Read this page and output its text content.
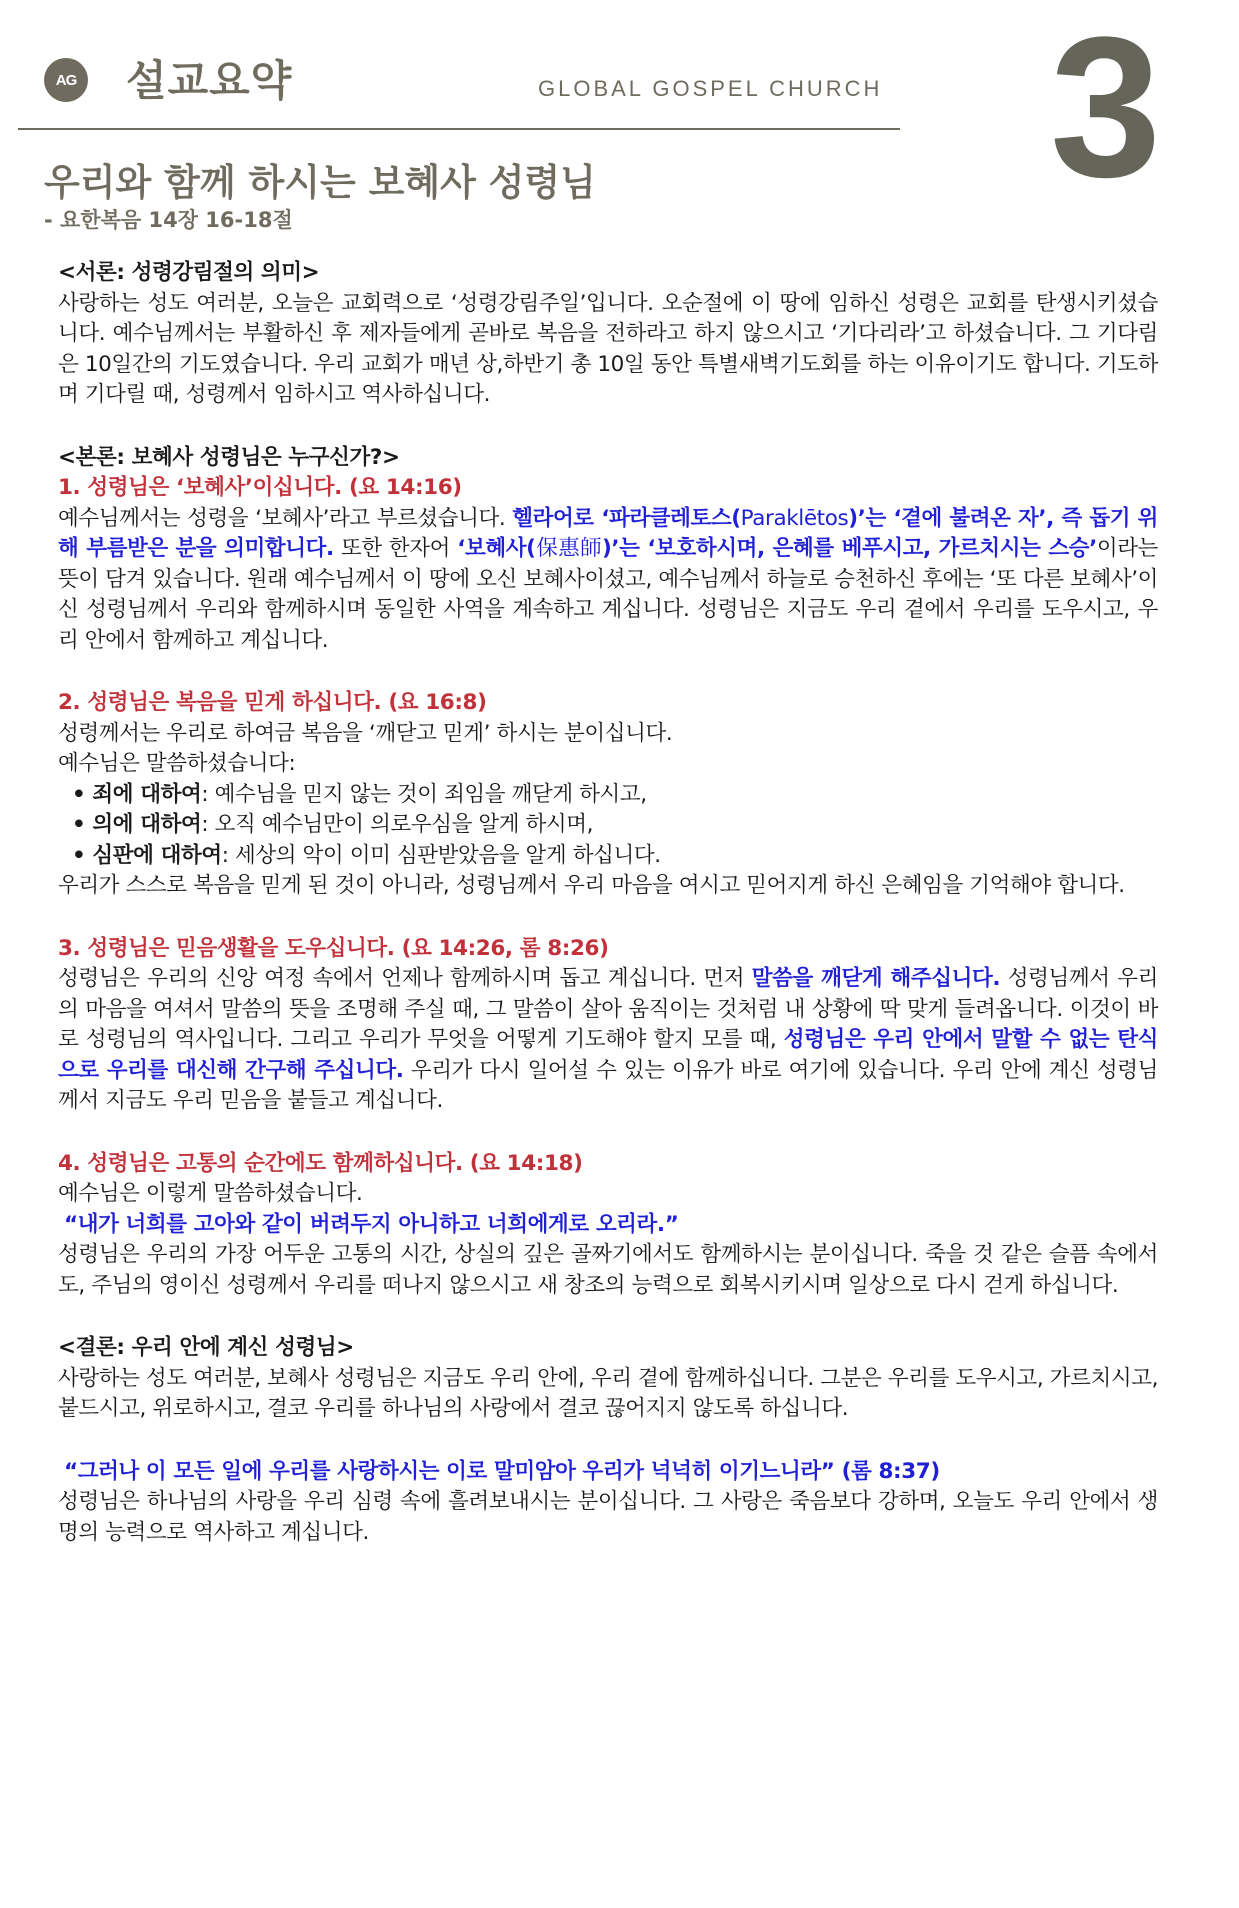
AG 설교요약	GLOBAL GOSPEL CHURCH 3
우리와 함께 하시는 보혜사 성령님
- 요한복음 14장 16-18절
<서론: 성령강림절의 의미>

사랑하는 성도 여러분, 오늘은 교회력으로 ‘성령강림주일’입니다. 오순절에 이 땅에 임하신 성령은 교회를 탄생시키셨습니다. 예수님께서는 부활하신 후 제자들에게 곧바로 복음을 전하라고 하지 않으시고 ‘기다리라’고 하셨습니다. 그 기다림은 10일간의 기도였습니다. 우리 교회가 매년 상,하반기 총 10일 동안 특별새벽기도회를 하는 이유이기도 합니다. 기도하며 기다릴 때, 성령께서 임하시고 역사하십니다.

<본론: 보혜사 성령님은 누구신가?>
1. 성령님은 ‘보혜사’이십니다. (요 14:16)

예수님께서는 성령을 ‘보혜사’라고 부르셨습니다. 헬라어로 ‘파라클레토스(Paraklētos)’는 ‘곁에 불려온 자’, 즉 돕기 위해 부름받은 분을 의미합니다. 또한 한자어 ‘보혜사(保惠師)’는 ‘보호하시며, 은혜를 베푸시고, 가르치시는 스승’이라는 뜻이 담겨 있습니다. 원래 예수님께서 이 땅에 오신 보혜사이셨고, 예수님께서 하늘로 승천하신 후에는 ‘또 다른 보혜사’이신 성령님께서 우리와 함께하시며 동일한 사역을 계속하고 계십니다. 성령님은 지금도 우리 곁에서 우리를 도우시고, 우리 안에서 함께하고 계십니다.

2. 성령님은 복음을 믿게 하십니다. (요 16:8)

성령께서는 우리로 하여금 복음을 ‘깨닫고 믿게’ 하시는 분이십니다.

예수님은 말씀하셨습니다:

• 죄에 대하여: 예수님을 믿지 않는 것이 죄임을 깨닫게 하시고,

• 의에 대하여: 오직 예수님만이 의로우심을 알게 하시며,

• 심판에 대하여: 세상의 악이 이미 심판받았음을 알게 하십니다.

우리가 스스로 복음을 믿게 된 것이 아니라, 성령님께서 우리 마음을 여시고 믿어지게 하신 은혜임을 기억해야 합니다.

3. 성령님은 믿음생활을 도우십니다. (요 14:26, 롬 8:26)

성령님은 우리의 신앙 여정 속에서 언제나 함께하시며 돕고 계십니다. 먼저 말씀을 깨닫게 해주십니다. 성령님께서 우리의 마음을 여셔서 말씀의 뜻을 조명해 주실 때, 그 말씀이 살아 움직이는 것처럼 내 상황에 딱 맞게 들려옵니다. 이것이 바로 성령님의 역사입니다. 그리고 우리가 무엇을 어떻게 기도해야 할지 모를 때, 성령님은 우리 안에서 말할 수 없는 탄식으로 우리를 대신해 간구해 주십니다. 우리가 다시 일어설 수 있는 이유가 바로 여기에 있습니다. 우리 안에 계신 성령님께서 지금도 우리 믿음을 붙들고 계십니다.

4. 성령님은 고통의 순간에도 함께하십니다. (요 14:18)

예수님은 이렇게 말씀하셨습니다.

“내가 너희를 고아와 같이 버려두지 아니하고 너희에게로 오리라.”

성령님은 우리의 가장 어두운 고통의 시간, 상실의 깊은 골짜기에서도 함께하시는 분이십니다. 죽을 것 같은 슬픔 속에서도, 주님의 영이신 성령께서 우리를 떠나지 않으시고 새 창조의 능력으로 회복시키시며 일상으로 다시 걷게 하십니다.

<결론: 우리 안에 계신 성령님>

사랑하는 성도 여러분, 보혜사 성령님은 지금도 우리 안에, 우리 곁에 함께하십니다. 그분은 우리를 도우시고, 가르치시고, 붙드시고, 위로하시고, 결코 우리를 하나님의 사랑에서 결코 끊어지지 않도록 하십니다.

“그러나 이 모든 일에 우리를 사랑하시는 이로 말미암아 우리가 넉넉히 이기느니라” (롬 8:37)

성령님은 하나님의 사랑을 우리 심령 속에 흘려보내시는 분이십니다. 그 사랑은 죽음보다 강하며, 오늘도 우리 안에서 생명의 능력으로 역사하고 계십니다.
